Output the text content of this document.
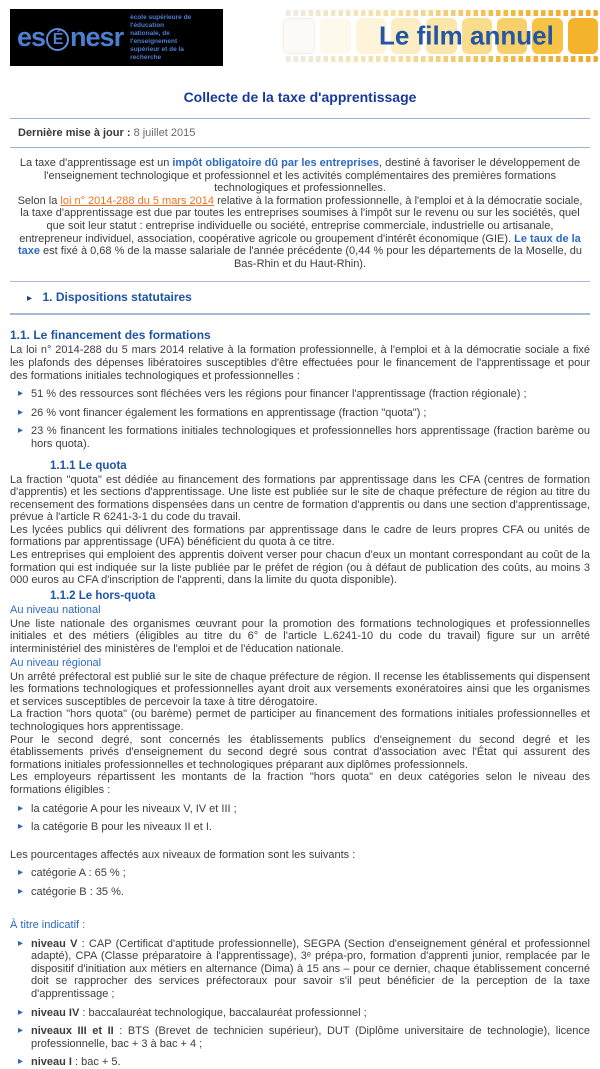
es É nesr
école supérieure de l'éducation
nationale, de l'enseignement
supérieur et de la recherche
Le film annuel
Collecte de la taxe d'apprentissage
Dernière mise à jour : 8 juillet 2015
La taxe d'apprentissage est un impôt obligatoire dû par les entreprises, destiné à favoriser le développement de l'enseignement technologique et professionnel et les activités complémentaires des premières formations technologiques et professionnelles.
Selon la loi n° 2014-288 du 5 mars 2014 relative à la formation professionnelle, à l'emploi et à la démocratie sociale, la taxe d'apprentissage est due par toutes les entreprises soumises à l'impôt sur le revenu ou sur les sociétés, quel que soit leur statut : entreprise individuelle ou société, entreprise commerciale, industrielle ou artisanale, entrepreneur individuel, association, coopérative agricole ou groupement d'intérêt économique (GIE). Le taux de la taxe est fixé à 0,68 % de la masse salariale de l'année précédente (0,44 % pour les départements de la Moselle, du Bas-Rhin et du Haut-Rhin).
▸ 1. Dispositions statutaires
1.1. Le financement des formations

La loi n° 2014-288 du 5 mars 2014 relative à la formation professionnelle, à l'emploi et à la démocratie sociale a fixé les plafonds des dépenses libératoires susceptibles d'être effectuées pour le financement de l'apprentissage et pour des formations initiales technologiques et professionnelles :

▸ 51 % des ressources sont fléchées vers les régions pour financer l'apprentissage (fraction régionale) ;
▸ 26 % vont financer également les formations en apprentissage (fraction "quota") ;
▸ 23 % financent les formations initiales technologiques et professionnelles hors apprentissage (fraction barème ou hors quota).
1.1.1 Le quota

La fraction "quota" est dédiée au financement des formations par apprentissage dans les CFA (centres de formation d'apprentis) et les sections d'apprentissage. Une liste est publiée sur le site de chaque préfecture de région au titre du recensement des formations dispensées dans un centre de formation d'apprentis ou dans une section d'apprentissage, prévue à l'article R 6241-3-1 du code du travail.

Les lycées publics qui délivrent des formations par apprentissage dans le cadre de leurs propres CFA ou unités de formations par apprentissage (UFA) bénéficient du quota à ce titre.

Les entreprises qui emploient des apprentis doivent verser pour chacun d'eux un montant correspondant au coût de la formation qui est indiquée sur la liste publiée par le préfet de région (ou à défaut de publication des coûts, au moins 3 000 euros au CFA d'inscription de l'apprenti, dans la limite du quota disponible).

1.1.2 Le hors-quota
Au niveau national

Une liste nationale des organismes œuvrant pour la promotion des formations technologiques et professionnelles initiales et des métiers (éligibles au titre du 6° de l'article L.6241-10 du code du travail) figure sur un arrêté interministériel des ministères de l'emploi et de l'éducation nationale.

Au niveau régional

Un arrêté préfectoral est publié sur le site de chaque préfecture de région. Il recense les établissements qui dispensent les formations technologiques et professionnelles ayant droit aux versements exonératoires ainsi que les organismes et services susceptibles de percevoir la taxe à titre dérogatoire.

La fraction "hors quota" (ou barème) permet de participer au financement des formations initiales professionnelles et technologiques hors apprentissage.

Pour le second degré, sont concernés les établissements publics d'enseignement du second degré et les établissements privés d'enseignement du second degré sous contrat d'association avec l'État qui assurent des formations initiales professionnelles et technologiques préparant aux diplômes professionnels.

Les employeurs répartissent les montants de la fraction "hors quota" en deux catégories selon le niveau des formations éligibles :

▸ la catégorie A pour les niveaux V, IV et III ;
▸ la catégorie B pour les niveaux II et I.

Les pourcentages affectés aux niveaux de formation sont les suivants :

▸ catégorie A : 65 % ;
▸ catégorie B : 35 %.
À titre indicatif :
▸ niveau V : CAP (Certificat d'aptitude professionnelle), SEGPA (Section d'enseignement général et professionnel adapté), CPA (Classe préparatoire à l'apprentissage), 3ᵉ prépa-pro, formation d'apprenti junior, remplacée par le dispositif d'initiation aux métiers en alternance (Dima) à 15 ans – pour ce dernier, chaque établissement concerné doit se rapprocher des services préfectoraux pour savoir s'il peut bénéficier de la perception de la taxe d'apprentissage ;
▸ niveau IV : baccalauréat technologique, baccalauréat professionnel ;
▸ niveaux III et II : BTS (Brevet de technicien supérieur), DUT (Diplôme universitaire de technologie), licence professionnelle, bac + 3 à bac + 4 ;
▸ niveau I : bac + 5.
